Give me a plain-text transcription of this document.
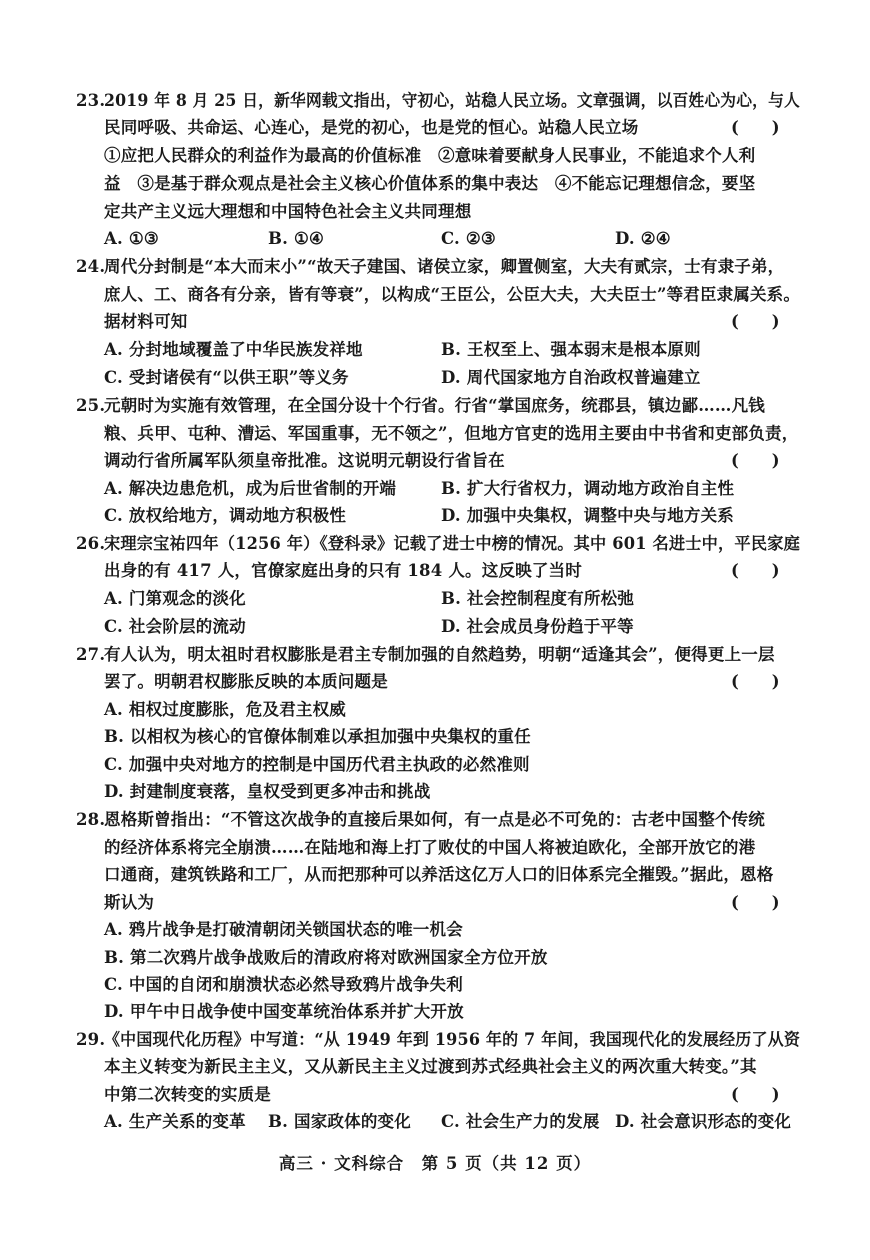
23.
2019 年 8 月 25 日，新华网载文指出，守初心，站稳人民立场。文章强调，以百姓心为心，与人
民同呼吸、共命运、心连心，是党的初心，也是党的恒心。站稳人民立场	(　　)
①应把人民群众的利益作为最高的价值标准　②意味着要献身人民事业，不能追求个人利
益　③是基于群众观点是社会主义核心价值体系的集中表达　④不能忘记理想信念，要坚
定共产主义远大理想和中国特色社会主义共同理想
A. ①③	B. ①④	C. ②③	D. ②④
24.
周代分封制是“本大而末小”“故天子建国、诸侯立家，卿置侧室，大夫有贰宗，士有隶子弟，
庶人、工、商各有分亲，皆有等衰”，以构成“王臣公，公臣大夫，大夫臣士”等君臣隶属关系。
据材料可知	(　　)
A. 分封地域覆盖了中华民族发祥地	B. 王权至上、强本弱末是根本原则
C. 受封诸侯有“以供王职”等义务	D. 周代国家地方自治政权普遍建立
25.
元朝时为实施有效管理，在全国分设十个行省。行省“掌国庶务，统郡县，镇边鄙……凡钱
粮、兵甲、屯种、漕运、军国重事，无不领之”，但地方官吏的选用主要由中书省和吏部负责，
调动行省所属军队须皇帝批准。这说明元朝设行省旨在	(　　)
A. 解决边患危机，成为后世省制的开端	B. 扩大行省权力，调动地方政治自主性
C. 放权给地方，调动地方积极性	D. 加强中央集权，调整中央与地方关系
26.
宋理宗宝祐四年（1256 年）《登科录》记载了进士中榜的情况。其中 601 名进士中，平民家庭
出身的有 417 人，官僚家庭出身的只有 184 人。这反映了当时	(　　)
A. 门第观念的淡化	B. 社会控制程度有所松弛
C. 社会阶层的流动	D. 社会成员身份趋于平等
27.
有人认为，明太祖时君权膨胀是君主专制加强的自然趋势，明朝“适逢其会”，便得更上一层
罢了。明朝君权膨胀反映的本质问题是	(　　)
A. 相权过度膨胀，危及君主权威
B. 以相权为核心的官僚体制难以承担加强中央集权的重任
C. 加强中央对地方的控制是中国历代君主执政的必然准则
D. 封建制度衰落，皇权受到更多冲击和挑战
28.
恩格斯曾指出：“不管这次战争的直接后果如何，有一点是必不可免的：古老中国整个传统
的经济体系将完全崩溃……在陆地和海上打了败仗的中国人将被迫欧化，全部开放它的港
口通商，建筑铁路和工厂，从而把那种可以养活这亿万人口的旧体系完全摧毁。”据此，恩格
斯认为	(　　)
A. 鸦片战争是打破清朝闭关锁国状态的唯一机会
B. 第二次鸦片战争战败后的清政府将对欧洲国家全方位开放
C. 中国的自闭和崩溃状态必然导致鸦片战争失利
D. 甲午中日战争使中国变革统治体系并扩大开放
29.
《中国现代化历程》中写道：“从 1949 年到 1956 年的 7 年间，我国现代化的发展经历了从资
本主义转变为新民主主义，又从新民主主义过渡到苏式经典社会主义的两次重大转变。”其
中第二次转变的实质是	(　　)
A. 生产关系的变革 B. 国家政体的变化 C. 社会生产力的发展 D. 社会意识形态的变化
高三 · 文科综合　第 5 页（共 12 页）
